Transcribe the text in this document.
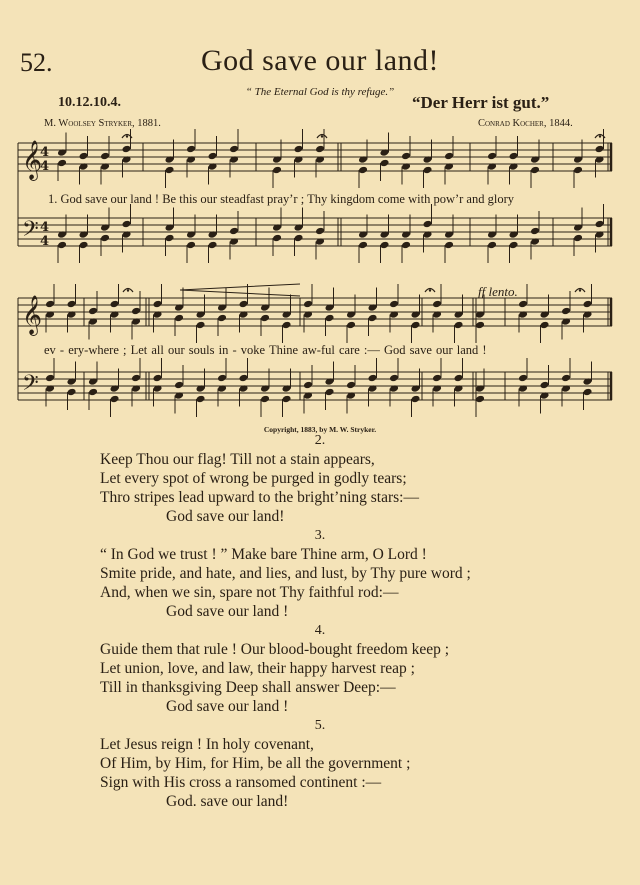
52.	God save our land!
“ The Eternal God is thy refuge.”
10.12.10.4.	“Der Herr ist gut.”
M. Woolsey Stryker, 1881.	Conrad Kocher, 1844.
𝄞
𝄢
4
4
4
4
𝄞
𝄢
1. God save our land ! Be this our steadfast pray’r ; Thy kingdom come with pow’r and glory
ev - ery-where ; Let all our souls in - voke Thine aw-ful care :— God save our land !
ff lento.
Copyright, 1883, by M. W. Stryker.
2.
Keep Thou our flag! Till not a stain appears,
Let every spot of wrong be purged in godly tears;
Thro stripes lead upward to the bright’ning stars:—
God save our land!
3.
“ In God we trust ! ” Make bare Thine arm, O Lord !
Smite pride, and hate, and lies, and lust, by Thy pure word ;
And, when we sin, spare not Thy faithful rod:—
God save our land !
4.
Guide them that rule ! Our blood-bought freedom keep ;
Let union, love, and law, their happy harvest reap ;
Till in thanksgiving Deep shall answer Deep:—
God save our land !
5.
Let Jesus reign ! In holy covenant,
Of Him, by Him, for Him, be all the government ;
Sign with His cross a ransomed continent :—
God. save our land!
